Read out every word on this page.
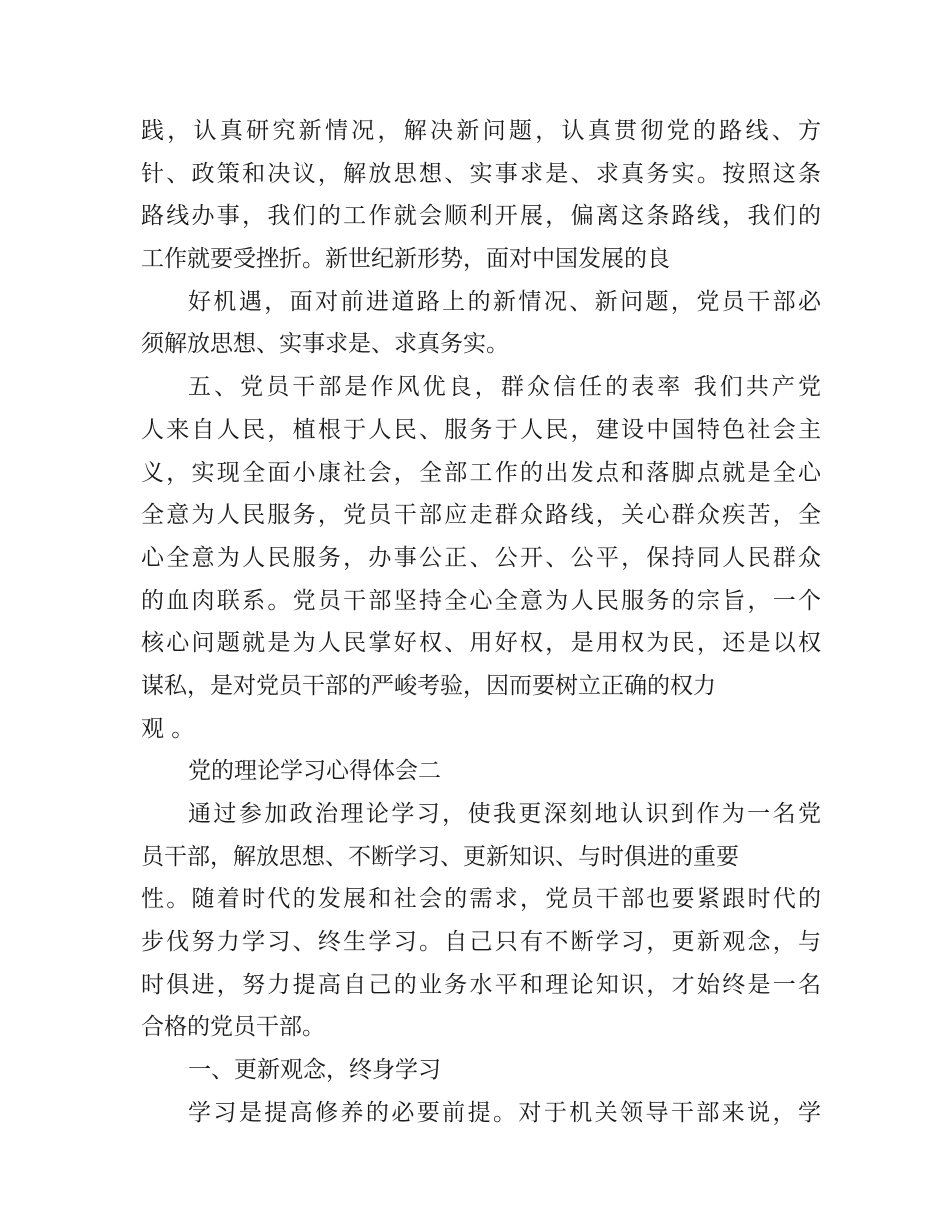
践，认真研究新情况，解决新问题，认真贯彻党的路线、方
针、政策和决议，解放思想、实事求是、求真务实。按照这条
路线办事，我们的工作就会顺利开展，偏离这条路线，我们的
工作就要受挫折。新世纪新形势，面对中国发展的良
好机遇，面对前进道路上的新情况、新问题，党员干部必
须解放思想、实事求是、求真务实。
五、党员干部是作风优良，群众信任的表率 我们共产党
人来自人民，植根于人民、服务于人民，建设中国特色社会主
义，实现全面小康社会，全部工作的出发点和落脚点就是全心
全意为人民服务，党员干部应走群众路线，关心群众疾苦，全
心全意为人民服务，办事公正、公开、公平，保持同人民群众
的血肉联系。党员干部坚持全心全意为人民服务的宗旨，一个
核心问题就是为人民掌好权、用好权，是用权为民，还是以权
谋私，是对党员干部的严峻考验，因而要树立正确的权力
观 。
党的理论学习心得体会二
通过参加政治理论学习，使我更深刻地认识到作为一名党
员干部，解放思想、不断学习、更新知识、与时俱进的重要
性。随着时代的发展和社会的需求，党员干部也要紧跟时代的
步伐努力学习、终生学习。自己只有不断学习，更新观念，与
时俱进，努力提高自己的业务水平和理论知识，才始终是一名
合格的党员干部。
一、更新观念，终身学习
学习是提高修养的必要前提。对于机关领导干部来说，学
